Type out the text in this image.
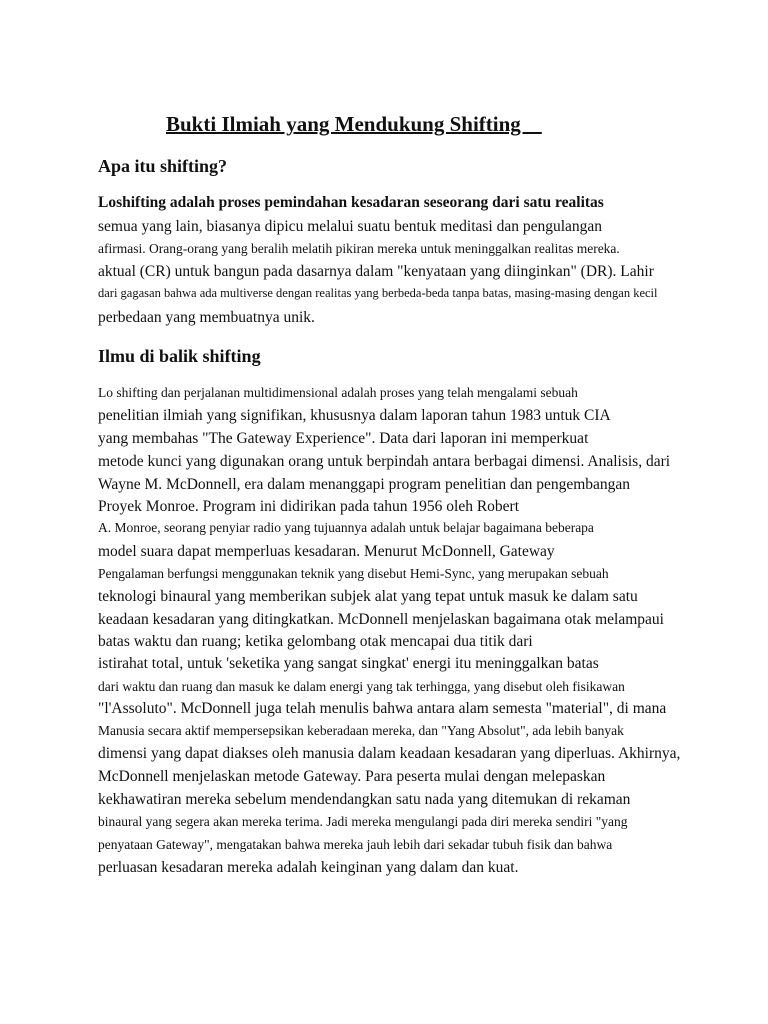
Bukti Ilmiah yang Mendukung Shifting
Apa itu shifting?
Loshifting adalah proses pemindahan kesadaran seseorang dari satu realitas
semua yang lain, biasanya dipicu melalui suatu bentuk meditasi dan pengulangan
afirmasi. Orang-orang yang beralih melatih pikiran mereka untuk meninggalkan realitas mereka.
aktual (CR) untuk bangun pada dasarnya dalam "kenyataan yang diinginkan" (DR). Lahir
dari gagasan bahwa ada multiverse dengan realitas yang berbeda-beda tanpa batas, masing-masing dengan kecil
perbedaan yang membuatnya unik.
Ilmu di balik shifting
Lo shifting dan perjalanan multidimensional adalah proses yang telah mengalami sebuah
penelitian ilmiah yang signifikan, khususnya dalam laporan tahun 1983 untuk CIA
yang membahas "The Gateway Experience". Data dari laporan ini memperkuat
metode kunci yang digunakan orang untuk berpindah antara berbagai dimensi. Analisis, dari
Wayne M. McDonnell, era dalam menanggapi program penelitian dan pengembangan
Proyek Monroe. Program ini didirikan pada tahun 1956 oleh Robert
A. Monroe, seorang penyiar radio yang tujuannya adalah untuk belajar bagaimana beberapa
model suara dapat memperluas kesadaran. Menurut McDonnell, Gateway
Pengalaman berfungsi menggunakan teknik yang disebut Hemi-Sync, yang merupakan sebuah
teknologi binaural yang memberikan subjek alat yang tepat untuk masuk ke dalam satu
keadaan kesadaran yang ditingkatkan. McDonnell menjelaskan bagaimana otak melampaui
batas waktu dan ruang; ketika gelombang otak mencapai dua titik dari
istirahat total, untuk 'seketika yang sangat singkat' energi itu meninggalkan batas
dari waktu dan ruang dan masuk ke dalam energi yang tak terhingga, yang disebut oleh fisikawan
"l'Assoluto". McDonnell juga telah menulis bahwa antara alam semesta "material", di mana
Manusia secara aktif mempersepsikan keberadaan mereka, dan "Yang Absolut", ada lebih banyak
dimensi yang dapat diakses oleh manusia dalam keadaan kesadaran yang diperluas. Akhirnya,
McDonnell menjelaskan metode Gateway. Para peserta mulai dengan melepaskan
kekhawatiran mereka sebelum mendendangkan satu nada yang ditemukan di rekaman
binaural yang segera akan mereka terima. Jadi mereka mengulangi pada diri mereka sendiri "yang
penyataan Gateway", mengatakan bahwa mereka jauh lebih dari sekadar tubuh fisik dan bahwa
perluasan kesadaran mereka adalah keinginan yang dalam dan kuat.
